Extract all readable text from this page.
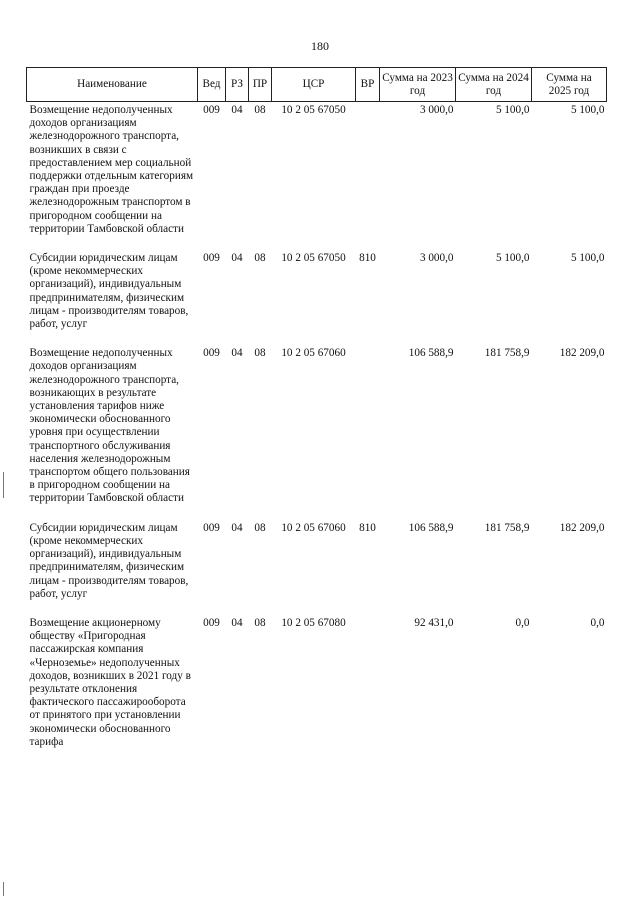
180
Наименование	Вед	РЗ	ПР	ЦСР	ВР	Сумма на 2023 год	Сумма на 2024 год	Сумма на 2025 год
Возмещение недополученных доходов организациям железнодорожного транспорта, возникших в связи с предоставлением мер социальной поддержки отдельным категориям граждан при проезде железнодорожным транспортом в пригородном сообщении на территории Тамбовской области	009	04	08	10 2 05 67050		3 000,0	5 100,0	5 100,0
Субсидии юридическим лицам (кроме некоммерческих организаций), индивидуальным предпринимателям, физическим лицам - производителям товаров, работ, услуг	009	04	08	10 2 05 67050	810	3 000,0	5 100,0	5 100,0
Возмещение недополученных доходов организациям железнодорожного транспорта, возникающих в результате установления тарифов ниже экономически обоснованного уровня при осуществлении транспортного обслуживания населения железнодорожным транспортом общего пользования в пригородном сообщении на территории Тамбовской области	009	04	08	10 2 05 67060		106 588,9	181 758,9	182 209,0
Субсидии юридическим лицам (кроме некоммерческих организаций), индивидуальным предпринимателям, физическим лицам - производителям товаров, работ, услуг	009	04	08	10 2 05 67060	810	106 588,9	181 758,9	182 209,0
Возмещение акционерному обществу «Пригородная пассажирская компания «Черноземье» недополученных доходов, возникших в 2021 году в результате отклонения фактического пассажирооборота от принятого при установлении экономически обоснованного тарифа	009	04	08	10 2 05 67080		92 431,0	0,0	0,0
